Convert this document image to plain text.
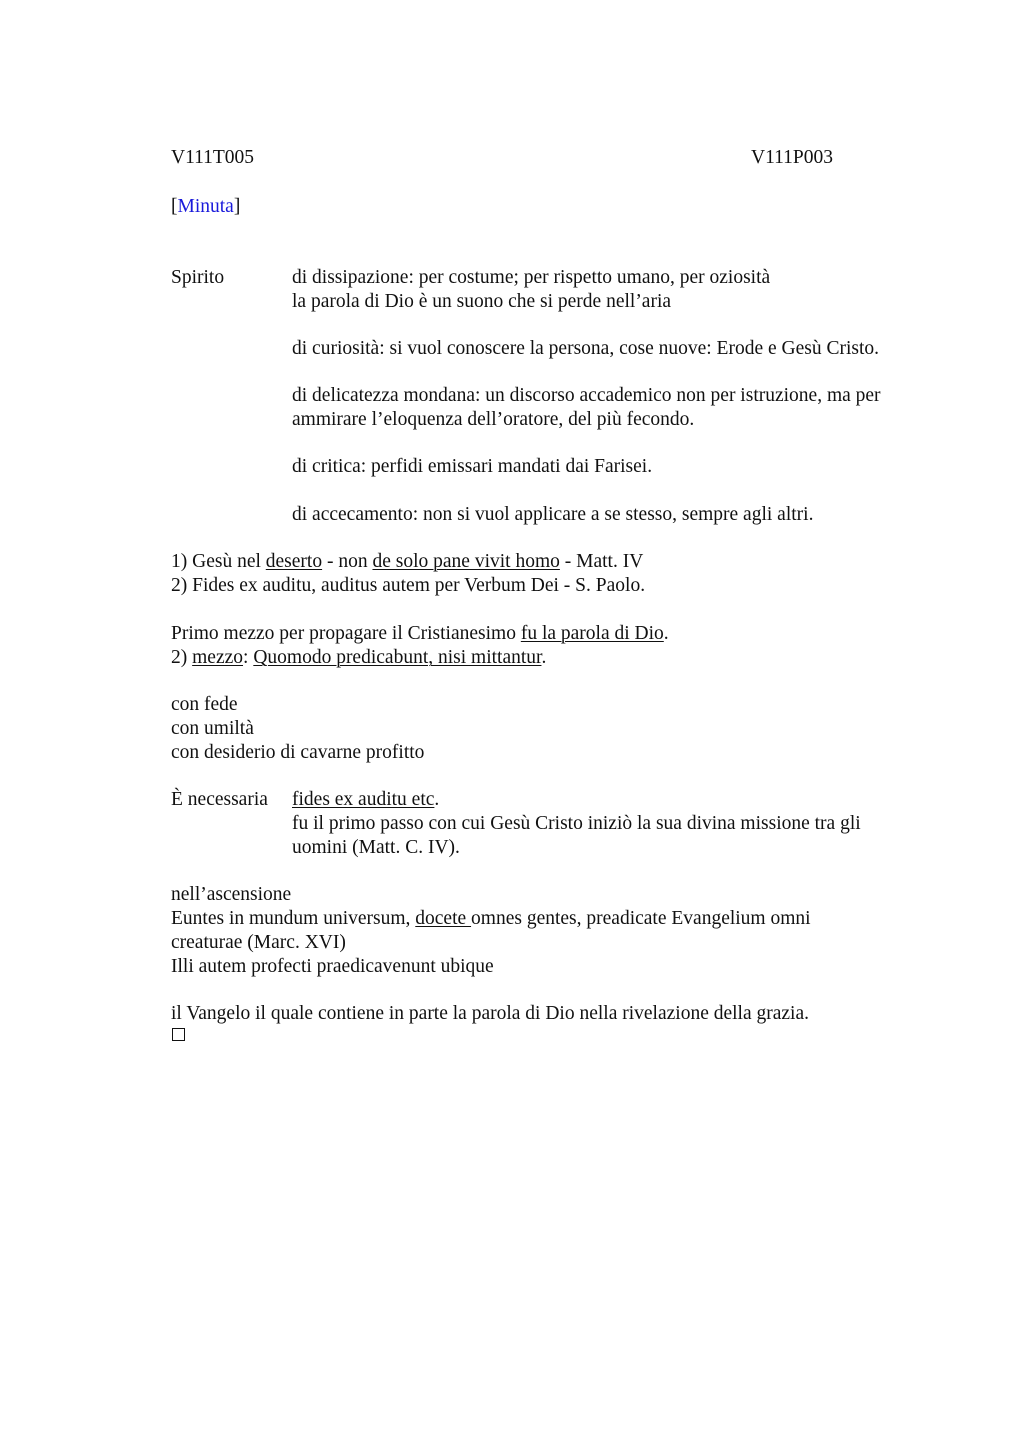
V111T005	V111P003
[Minuta]
Spirito	di dissipazione: per costume; per rispetto umano, per oziosità
la parola di Dio è un suono che si perde nell’aria
di curiosità: si vuol conoscere la persona, cose nuove: Erode e Gesù Cristo.
di delicatezza mondana: un discorso accademico non per istruzione, ma per
ammirare l’eloquenza dell’oratore, del più fecondo.
di critica: perfidi emissari mandati dai Farisei.
di accecamento: non si vuol applicare a se stesso, sempre agli altri.
1) Gesù nel deserto - non de solo pane vivit homo - Matt. IV
2) Fides ex auditu, auditus autem per Verbum Dei - S. Paolo.
Primo mezzo per propagare il Cristianesimo fu la parola di Dio.
2) mezzo: Quomodo predicabunt, nisi mittantur.
con fede
con umiltà
con desiderio di cavarne profitto
È necessaria fides ex auditu etc.
fu il primo passo con cui Gesù Cristo iniziò la sua divina missione tra gli
uomini (Matt. C. IV).
nell’ascensione
Euntes in mundum universum, docete omnes gentes, preadicate Evangelium omni
creaturae (Marc. XVI)
Illi autem profecti praedicavenunt ubique
il Vangelo il quale contiene in parte la parola di Dio nella rivelazione della grazia.
